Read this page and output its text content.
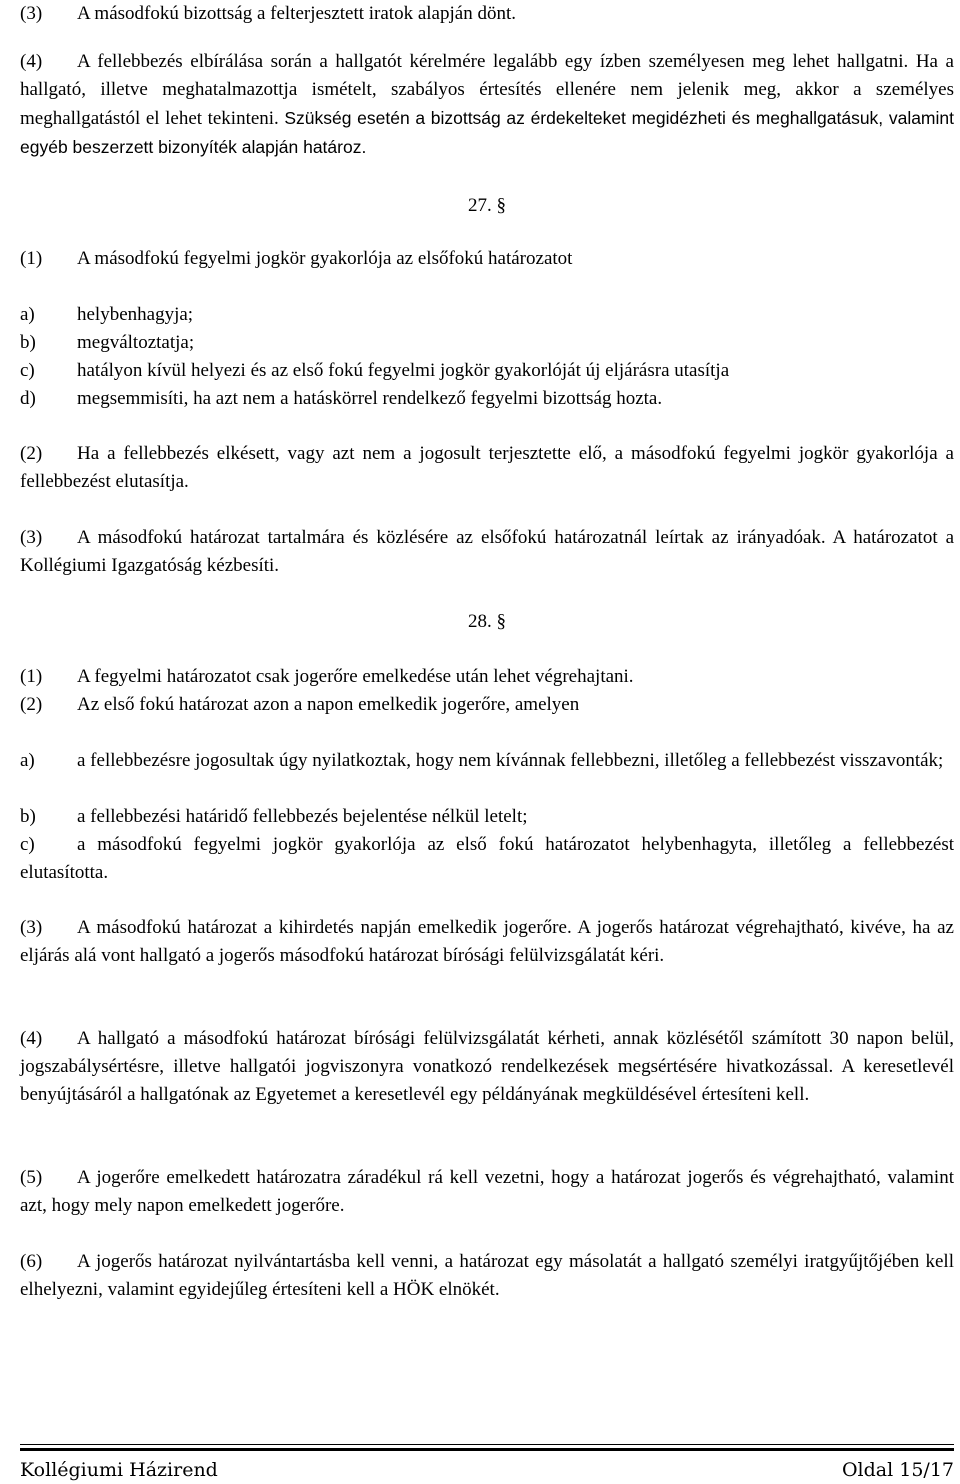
(3) A másodfokú bizottság a felterjesztett iratok alapján dönt.

(4) A fellebbezés elbírálása során a hallgatót kérelmére legalább egy ízben személyesen meg lehet hallgatni. Ha a hallgató, illetve meghatalmazottja ismételt, szabályos értesítés ellenére nem jelenik meg, akkor a személyes meghallgatástól el lehet tekinteni. Szükség esetén a bizottság az érdekelteket megidézheti és meghallgatásuk, valamint egyéb beszerzett bizonyíték alapján határoz.

27. §

(1) A másodfokú fegyelmi jogkör gyakorlója az elsőfokú határozatot

a) helybenhagyja;

b) megváltoztatja;

c) hatályon kívül helyezi és az első fokú fegyelmi jogkör gyakorlóját új eljárásra utasítja

d) megsemmisíti, ha azt nem a hatáskörrel rendelkező fegyelmi bizottság hozta.

(2) Ha a fellebbezés elkésett, vagy azt nem a jogosult terjesztette elő, a másodfokú fegyelmi jogkör gyakorlója a fellebbezést elutasítja.

(3) A másodfokú határozat tartalmára és közlésére az elsőfokú határozatnál leírtak az irányadóak. A határozatot a Kollégiumi Igazgatóság kézbesíti.

28. §

(1) A fegyelmi határozatot csak jogerőre emelkedése után lehet végrehajtani.

(2) Az első fokú határozat azon a napon emelkedik jogerőre, amelyen

a) a fellebbezésre jogosultak úgy nyilatkoztak, hogy nem kívánnak fellebbezni, illetőleg a fellebbezést visszavonták;

b) a fellebbezési határidő fellebbezés bejelentése nélkül letelt;

c) a másodfokú fegyelmi jogkör gyakorlója az első fokú határozatot helybenhagyta, illetőleg a fellebbezést elutasította.

(3) A másodfokú határozat a kihirdetés napján emelkedik jogerőre. A jogerős határozat végrehajtható, kivéve, ha az eljárás alá vont hallgató a jogerős másodfokú határozat bírósági felülvizsgálatát kéri.

(4) A hallgató a másodfokú határozat bírósági felülvizsgálatát kérheti, annak közlésétől számított 30 napon belül, jogszabálysértésre, illetve hallgatói jogviszonyra vonatkozó rendelkezések megsértésére hivatkozással. A keresetlevél benyújtásáról a hallgatónak az Egyetemet a keresetlevél egy példányának megküldésével értesíteni kell.

(5) A jogerőre emelkedett határozatra záradékul rá kell vezetni, hogy a határozat jogerős és végrehajtható, valamint azt, hogy mely napon emelkedett jogerőre.

(6) A jogerős határozat nyilvántartásba kell venni, a határozat egy másolatát a hallgató személyi iratgyűjtőjében kell elhelyezni, valamint egyidejűleg értesíteni kell a HÖK elnökét.

Kollégiumi Házirend	Oldal 15/17
